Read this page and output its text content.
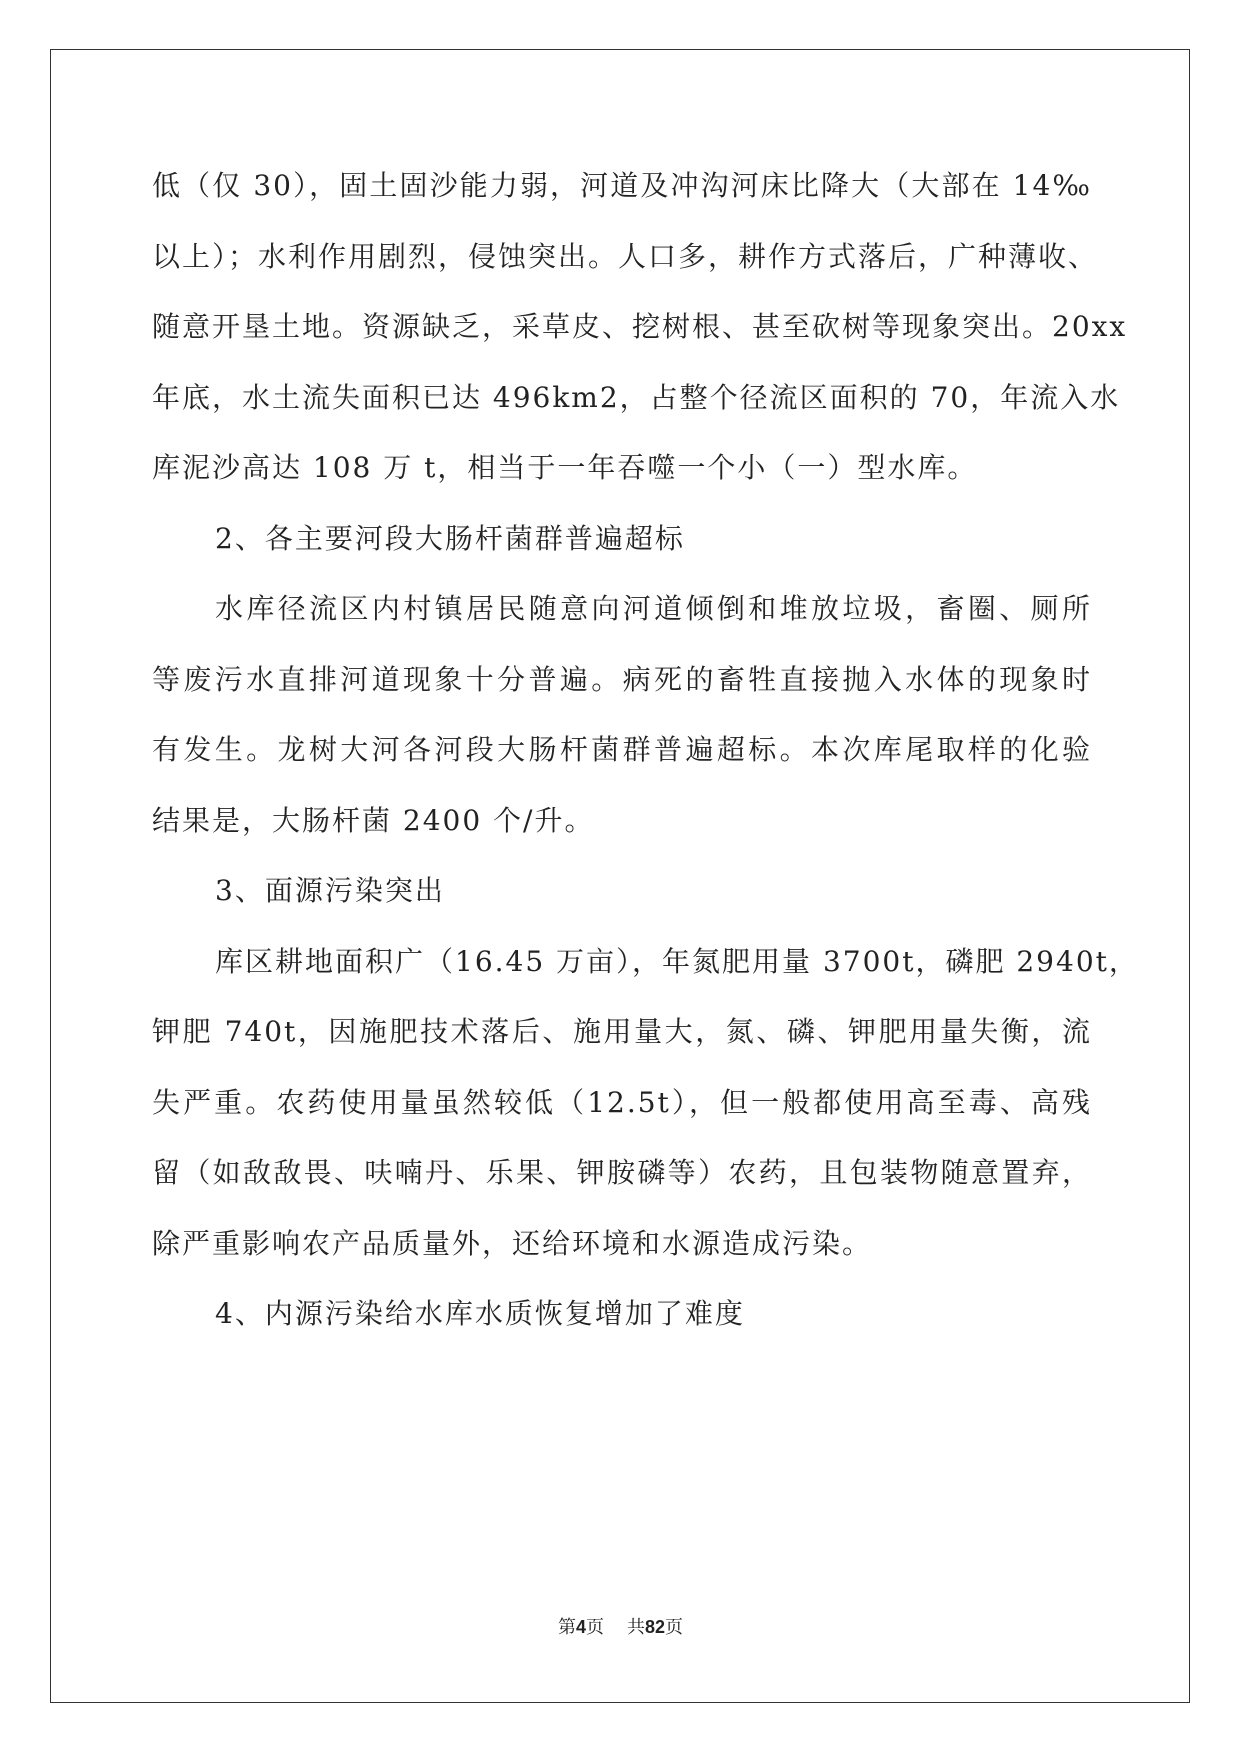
低（仅 30），固土固沙能力弱，河道及冲沟河床比降大（大部在 14‰
以上）；水利作用剧烈，侵蚀突出。人口多，耕作方式落后，广种薄收、
随意开垦土地。资源缺乏，采草皮、挖树根、甚至砍树等现象突出。20xx
年底，水土流失面积已达 496km2，占整个径流区面积的 70，年流入水
库泥沙高达 108 万 t，相当于一年吞噬一个小（一）型水库。
2、各主要河段大肠杆菌群普遍超标
水库径流区内村镇居民随意向河道倾倒和堆放垃圾，畜圈、厕所
等废污水直排河道现象十分普遍。病死的畜牲直接抛入水体的现象时
有发生。龙树大河各河段大肠杆菌群普遍超标。本次库尾取样的化验
结果是，大肠杆菌 2400 个/升。
3、面源污染突出
库区耕地面积广（16.45 万亩），年氮肥用量 3700t，磷肥 2940t，
钾肥 740t，因施肥技术落后、施用量大，氮、磷、钾肥用量失衡，流
失严重。农药使用量虽然较低（12.5t），但一般都使用高至毒、高残
留（如敌敌畏、呋喃丹、乐果、钾胺磷等）农药，且包装物随意置弃，
除严重影响农产品质量外，还给环境和水源造成污染。
4、内源污染给水库水质恢复增加了难度
第4页 共82页
